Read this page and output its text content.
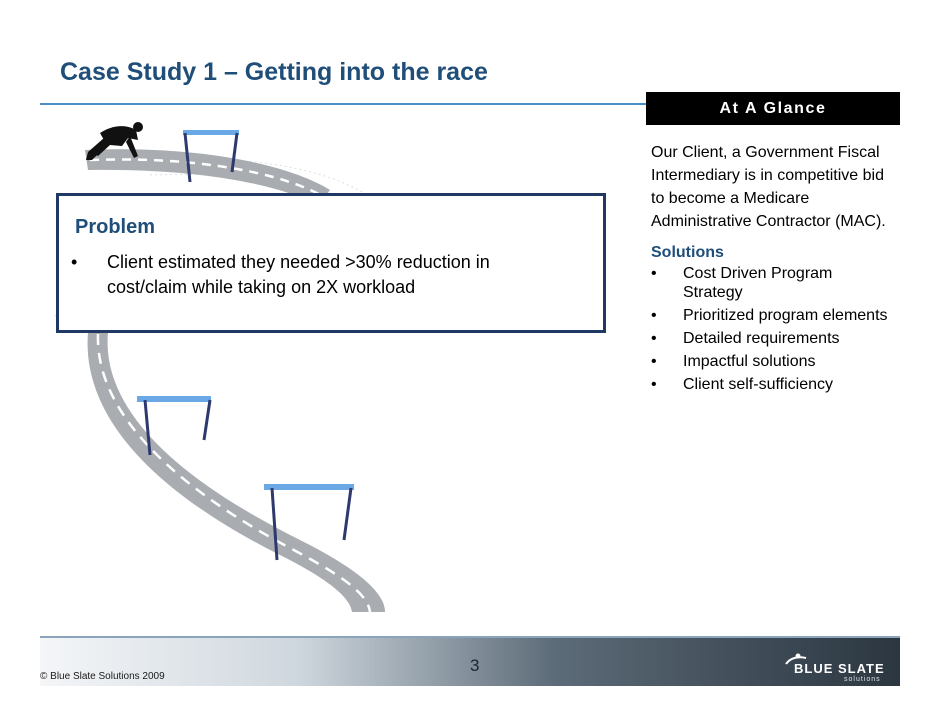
Case Study 1 – Getting into the race
At A Glance

Our Client, a Government Fiscal Intermediary is in competitive bid to become a Medicare Administrative Contractor (MAC).

Solutions

• Cost Driven Program Strategy
• Prioritized program elements
• Detailed requirements
• Impactful solutions
• Client self-sufficiency
Problem
• Client estimated they needed >30% reduction in cost/claim while taking on 2X workload
3
© Blue Slate Solutions 2009
BLUE SLATE
solutions
